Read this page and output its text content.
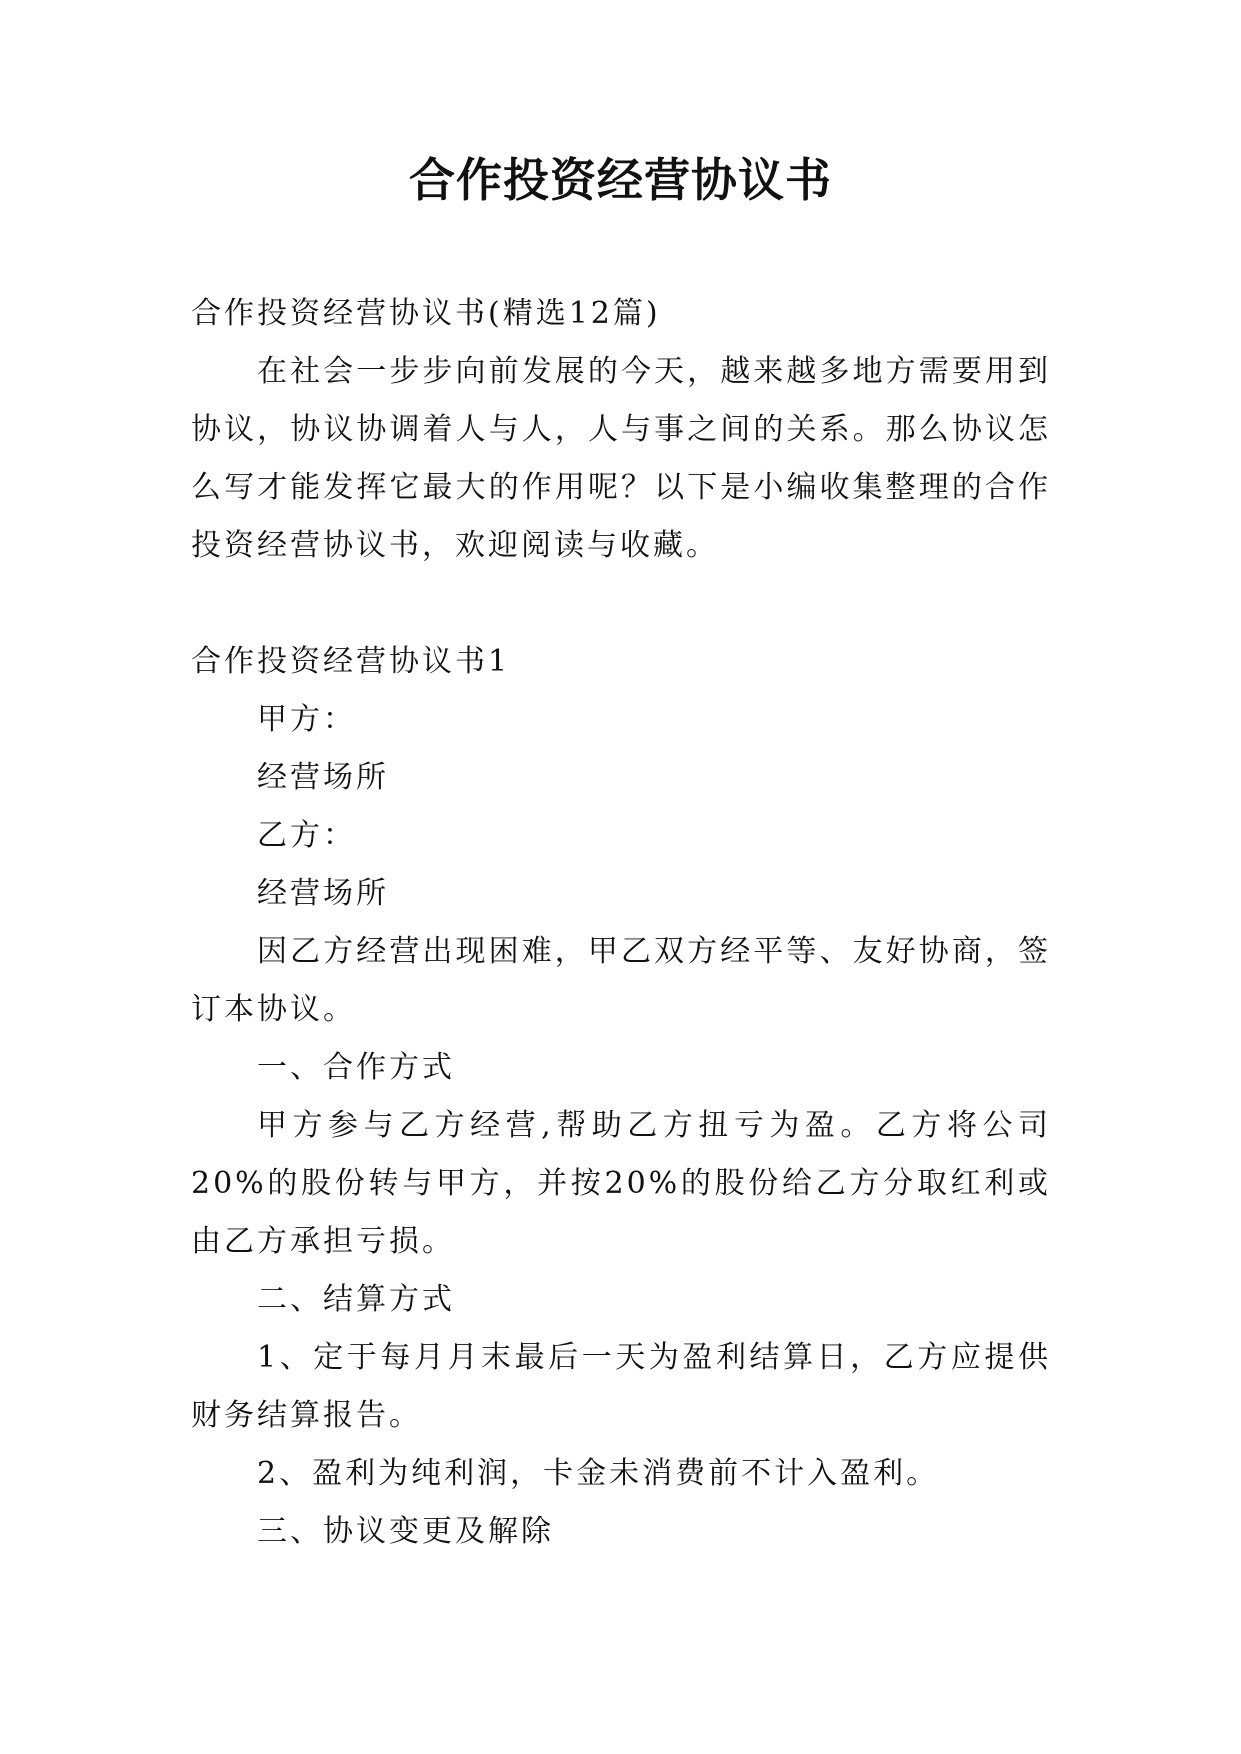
合作投资经营协议书

合作投资经营协议书(精选12篇)

在社会一步步向前发展的今天，越来越多地方需要用到协议，协议协调着人与人，人与事之间的关系。那么协议怎么写才能发挥它最大的作用呢？以下是小编收集整理的合作投资经营协议书，欢迎阅读与收藏。

合作投资经营协议书1

甲方：

经营场所

乙方：

经营场所

因乙方经营出现困难，甲乙双方经平等、友好协商，签订本协议。

一、合作方式

甲方参与乙方经营,帮助乙方扭亏为盈。乙方将公司20%的股份转与甲方，并按20%的股份给乙方分取红利或由乙方承担亏损。

二、结算方式

1、定于每月月末最后一天为盈利结算日，乙方应提供财务结算报告。

2、盈利为纯利润，卡金未消费前不计入盈利。

三、协议变更及解除
